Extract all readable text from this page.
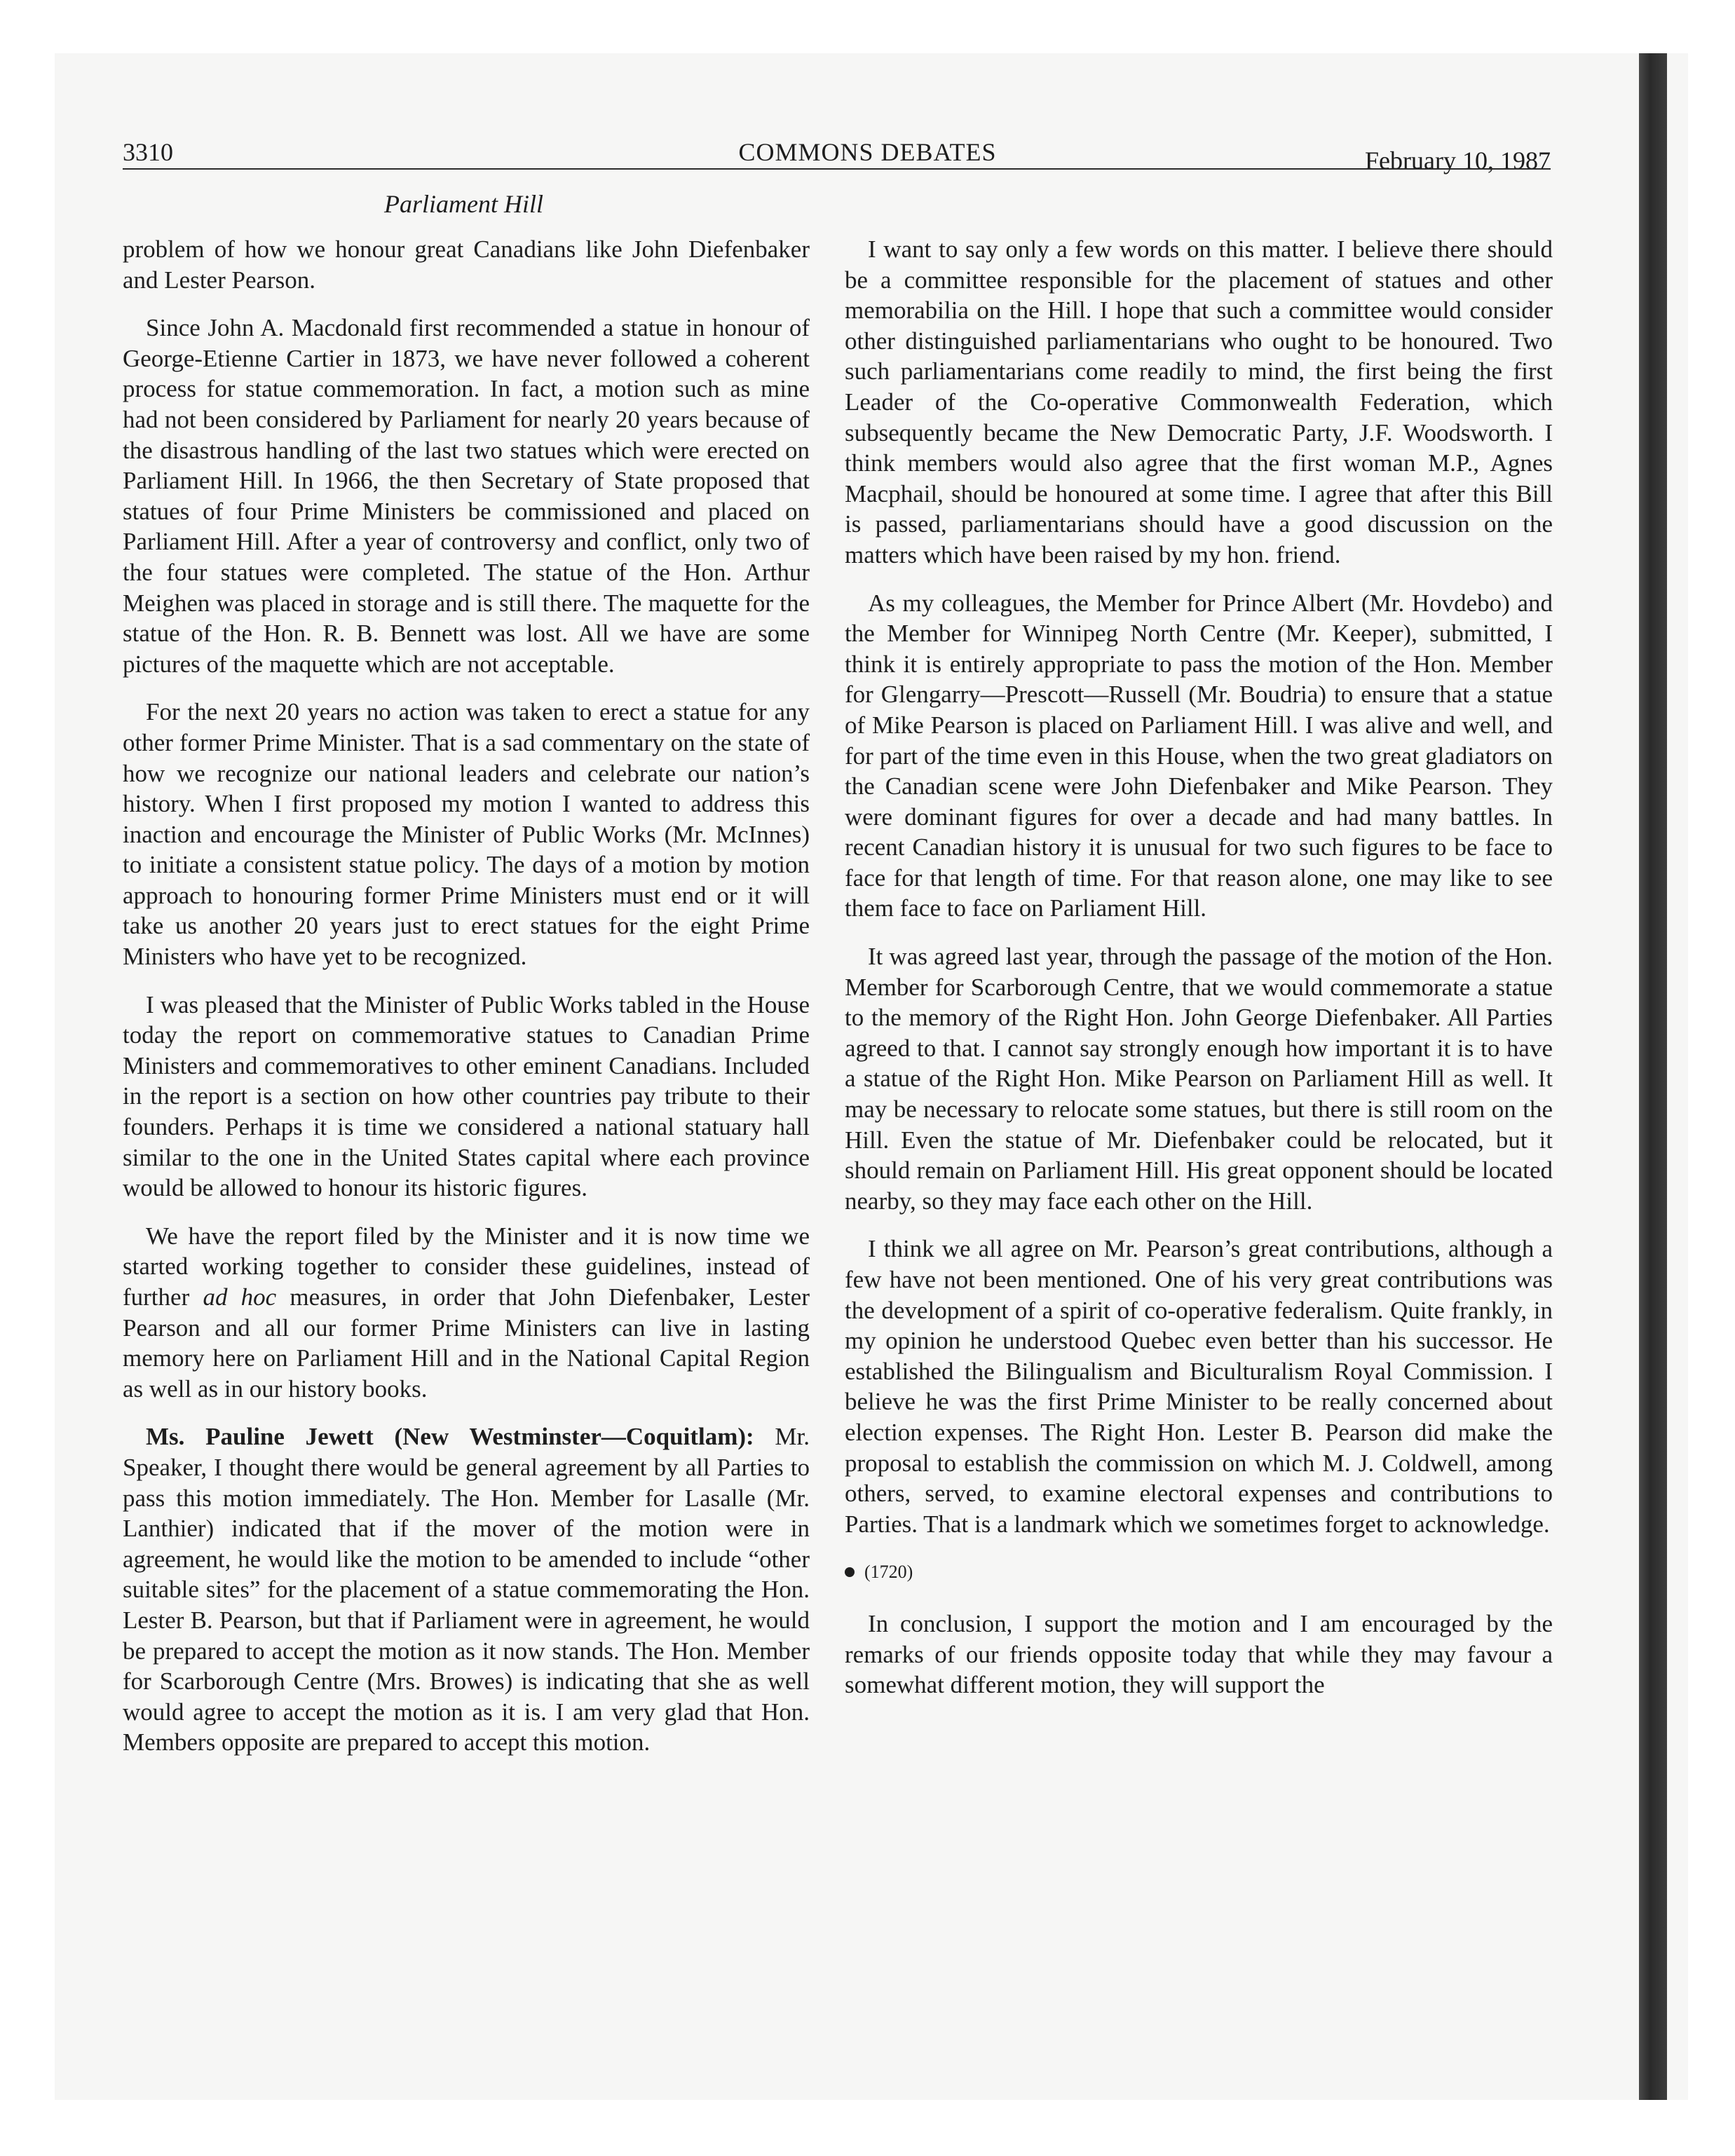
3310	COMMONS DEBATES	February 10, 1987
Parliament Hill

problem of how we honour great Canadians like John Diefenbaker and Lester Pearson.

Since John A. Macdonald first recommended a statue in honour of George-Etienne Cartier in 1873, we have never followed a coherent process for statue commemoration. In fact, a motion such as mine had not been considered by Parliament for nearly 20 years because of the disastrous handling of the last two statues which were erected on Parliament Hill. In 1966, the then Secretary of State proposed that statues of four Prime Ministers be commissioned and placed on Parliament Hill. After a year of controversy and conflict, only two of the four statues were completed. The statue of the Hon. Arthur Meighen was placed in storage and is still there. The maquette for the statue of the Hon. R. B. Bennett was lost. All we have are some pictures of the maquette which are not acceptable.

For the next 20 years no action was taken to erect a statue for any other former Prime Minister. That is a sad commentary on the state of how we recognize our national leaders and celebrate our nation’s history. When I first proposed my motion I wanted to address this inaction and encourage the Minister of Public Works (Mr. McInnes) to initiate a consistent statue policy. The days of a motion by motion approach to honouring former Prime Ministers must end or it will take us another 20 years just to erect statues for the eight Prime Ministers who have yet to be recognized.

I was pleased that the Minister of Public Works tabled in the House today the report on commemorative statues to Canadian Prime Ministers and commemoratives to other eminent Canadians. Included in the report is a section on how other countries pay tribute to their founders. Perhaps it is time we considered a national statuary hall similar to the one in the United States capital where each province would be allowed to honour its historic figures.

We have the report filed by the Minister and it is now time we started working together to consider these guidelines, instead of further ad hoc measures, in order that John Diefenbaker, Lester Pearson and all our former Prime Ministers can live in lasting memory here on Parliament Hill and in the National Capital Region as well as in our history books.

Ms. Pauline Jewett (New Westminster—Coquitlam): Mr. Speaker, I thought there would be general agreement by all Parties to pass this motion immediately. The Hon. Member for Lasalle (Mr. Lanthier) indicated that if the mover of the motion were in agreement, he would like the motion to be amended to include “other suitable sites” for the placement of a statue commemorating the Hon. Lester B. Pearson, but that if Parliament were in agreement, he would be prepared to accept the motion as it now stands. The Hon. Member for Scarborough Centre (Mrs. Browes) is indicating that she as well would agree to accept the motion as it is. I am very glad that Hon. Members opposite are prepared to accept this motion.

I want to say only a few words on this matter. I believe there should be a committee responsible for the placement of statues and other memorabilia on the Hill. I hope that such a committee would consider other distinguished parliamentarians who ought to be honoured. Two such parliamentarians come readily to mind, the first being the first Leader of the Co-operative Commonwealth Federation, which subsequently became the New Democratic Party, J.F. Woodsworth. I think members would also agree that the first woman M.P., Agnes Macphail, should be honoured at some time. I agree that after this Bill is passed, parliamentarians should have a good discussion on the matters which have been raised by my hon. friend.

As my colleagues, the Member for Prince Albert (Mr. Hovdebo) and the Member for Winnipeg North Centre (Mr. Keeper), submitted, I think it is entirely appropriate to pass the motion of the Hon. Member for Glengarry—Prescott—Russell (Mr. Boudria) to ensure that a statue of Mike Pearson is placed on Parliament Hill. I was alive and well, and for part of the time even in this House, when the two great gladiators on the Canadian scene were John Diefenbaker and Mike Pearson. They were dominant figures for over a decade and had many battles. In recent Canadian history it is unusual for two such figures to be face to face for that length of time. For that reason alone, one may like to see them face to face on Parliament Hill.

It was agreed last year, through the passage of the motion of the Hon. Member for Scarborough Centre, that we would commemorate a statue to the memory of the Right Hon. John George Diefenbaker. All Parties agreed to that. I cannot say strongly enough how important it is to have a statue of the Right Hon. Mike Pearson on Parliament Hill as well. It may be necessary to relocate some statues, but there is still room on the Hill. Even the statue of Mr. Diefenbaker could be relocated, but it should remain on Parliament Hill. His great opponent should be located nearby, so they may face each other on the Hill.

I think we all agree on Mr. Pearson’s great contributions, although a few have not been mentioned. One of his very great contributions was the development of a spirit of co-operative federalism. Quite frankly, in my opinion he understood Quebec even better than his successor. He established the Bilingualism and Biculturalism Royal Commission. I believe he was the first Prime Minister to be really concerned about election expenses. The Right Hon. Lester B. Pearson did make the proposal to establish the commission on which M. J. Coldwell, among others, served, to examine electoral expenses and contributions to Parties. That is a landmark which we sometimes forget to acknowledge.

(1720)

In conclusion, I support the motion and I am encouraged by the remarks of our friends opposite today that while they may favour a somewhat different motion, they will support the
